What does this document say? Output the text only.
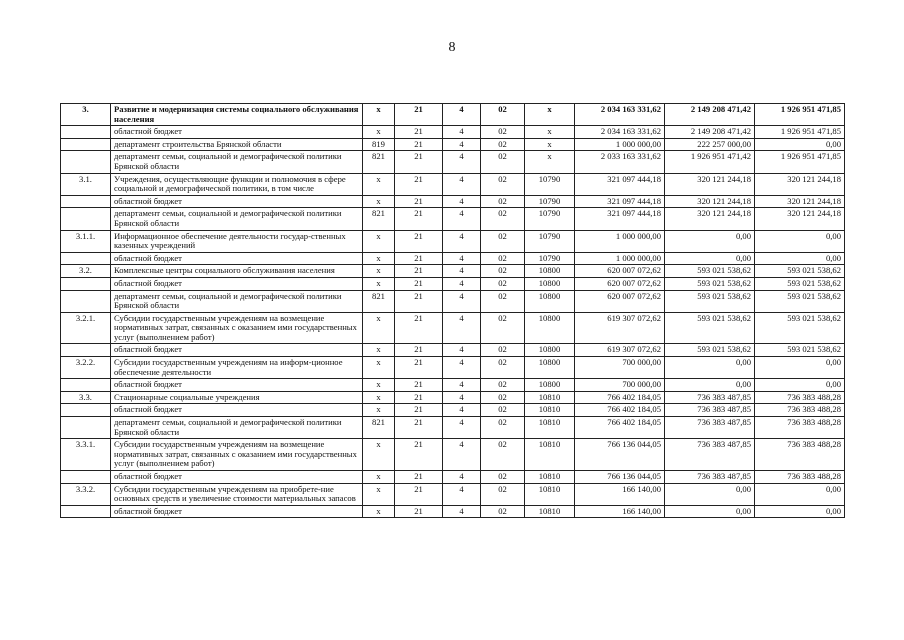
8
3.	Развитие и модернизация системы социального обслуживания населения	х	21	4	02	х	2 034 163 331,62	2 149 208 471,42	1 926 951 471,85
	областной бюджет	х	21	4	02	х	2 034 163 331,62	2 149 208 471,42	1 926 951 471,85
	департамент строительства Брянской области	819	21	4	02	х	1 000 000,00	222 257 000,00	0,00
	департамент семьи, социальной и демографической политики Брянской области	821	21	4	02	х	2 033 163 331,62	1 926 951 471,42	1 926 951 471,85
3.1.	Учреждения, осуществляющие функции и полномочия в сфере социальной и демографической политики, в том числе	х	21	4	02	10790	321 097 444,18	320 121 244,18	320 121 244,18
	областной бюджет	х	21	4	02	10790	321 097 444,18	320 121 244,18	320 121 244,18
	департамент семьи, социальной и демографической политики Брянской области	821	21	4	02	10790	321 097 444,18	320 121 244,18	320 121 244,18
3.1.1.	Информационное обеспечение деятельности государ-ственных казенных учреждений	х	21	4	02	10790	1 000 000,00	0,00	0,00
	областной бюджет	х	21	4	02	10790	1 000 000,00	0,00	0,00
3.2.	Комплексные центры социального обслуживания населения	х	21	4	02	10800	620 007 072,62	593 021 538,62	593 021 538,62
	областной бюджет	х	21	4	02	10800	620 007 072,62	593 021 538,62	593 021 538,62
	департамент семьи, социальной и демографической политики Брянской области	821	21	4	02	10800	620 007 072,62	593 021 538,62	593 021 538,62
3.2.1.	Субсидии государственным учреждениям на возмещение нормативных затрат, связанных с оказанием ими государственных услуг (выполнением работ)	х	21	4	02	10800	619 307 072,62	593 021 538,62	593 021 538,62
	областной бюджет	х	21	4	02	10800	619 307 072,62	593 021 538,62	593 021 538,62
3.2.2.	Субсидии государственным учреждениям на информ-ционное обеспечение деятельности	х	21	4	02	10800	700 000,00	0,00	0,00
	областной бюджет	х	21	4	02	10800	700 000,00	0,00	0,00
3.3.	Стационарные социальные учреждения	х	21	4	02	10810	766 402 184,05	736 383 487,85	736 383 488,28
	областной бюджет	х	21	4	02	10810	766 402 184,05	736 383 487,85	736 383 488,28
	департамент семьи, социальной и демографической политики Брянской области	821	21	4	02	10810	766 402 184,05	736 383 487,85	736 383 488,28
3.3.1.	Субсидии государственным учреждениям на возмещение нормативных затрат, связанных с оказанием ими государственных услуг (выполнением работ)	х	21	4	02	10810	766 136 044,05	736 383 487,85	736 383 488,28
	областной бюджет	х	21	4	02	10810	766 136 044,05	736 383 487,85	736 383 488,28
3.3.2.	Субсидии государственным учреждениям на приобрете-ние основных средств и увеличение стоимости материальных запасов	х	21	4	02	10810	166 140,00	0,00	0,00
	областной бюджет	х	21	4	02	10810	166 140,00	0,00	0,00
